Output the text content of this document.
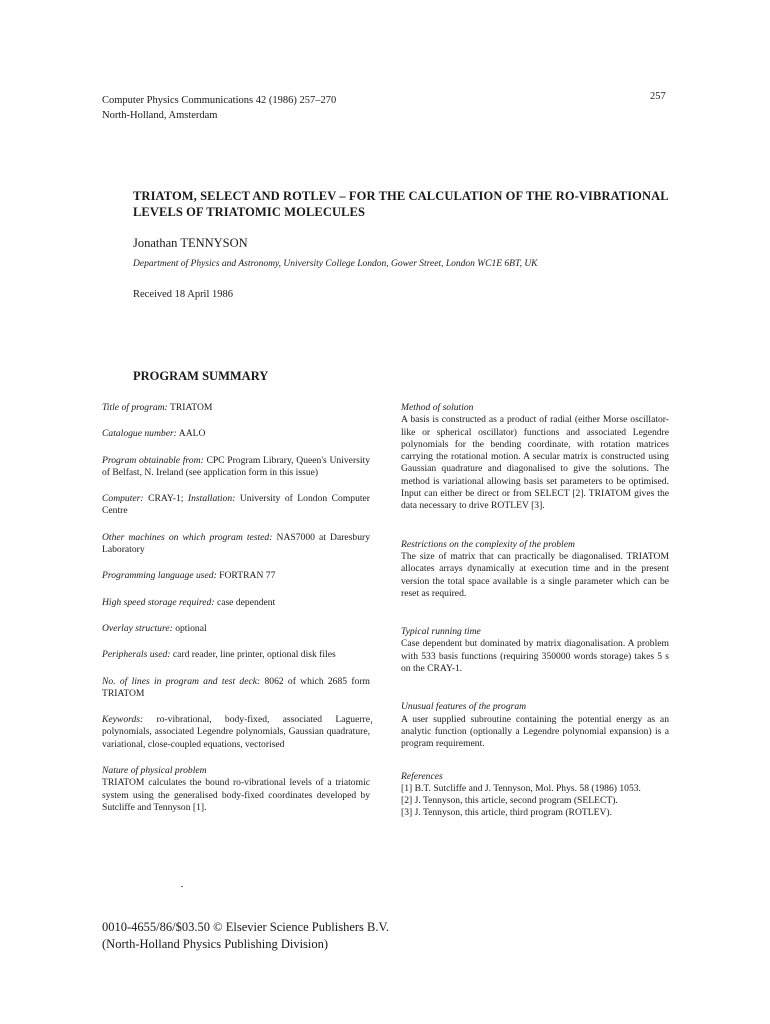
Computer Physics Communications 42 (1986) 257–270
North-Holland, Amsterdam
257
TRIATOM, SELECT AND ROTLEV – FOR THE CALCULATION OF THE RO-VIBRATIONAL LEVELS OF TRIATOMIC MOLECULES
Jonathan TENNYSON
Department of Physics and Astronomy, University College London, Gower Street, London WC1E 6BT, UK
Received 18 April 1986
PROGRAM SUMMARY
Title of program: TRIATOM
Catalogue number: AALO
Program obtainable from: CPC Program Library, Queen's University of Belfast, N. Ireland (see application form in this issue)
Computer: CRAY-1; Installation: University of London Computer Centre
Other machines on which program tested: NAS7000 at Daresbury Laboratory
Programming language used: FORTRAN 77
High speed storage required: case dependent
Overlay structure: optional
Peripherals used: card reader, line printer, optional disk files
No. of lines in program and test deck: 8062 of which 2685 form TRIATOM
Keywords: ro-vibrational, body-fixed, associated Laguerre polynomials, associated Legendre polynomials, Gaussian quadrature, variational, close-coupled equations, vectorised
Nature of physical problem
TRIATOM calculates the bound ro-vibrational levels of a triatomic system using the generalised body-fixed coordinates developed by Sutcliffe and Tennyson [1].
Method of solution
A basis is constructed as a product of radial (either Morse oscillator-like or spherical oscillator) functions and associated Legendre polynomials for the bending coordinate, with rotation matrices carrying the rotational motion. A secular matrix is constructed using Gaussian quadrature and diagonalised to give the solutions. The method is variational allowing basis set parameters to be optimised. Input can either be direct or from SELECT [2]. TRIATOM gives the data necessary to drive ROTLEV [3].
Restrictions on the complexity of the problem
The size of matrix that can practically be diagonalised. TRIATOM allocates arrays dynamically at execution time and in the present version the total space available is a single parameter which can be reset as required.
Typical running time
Case dependent but dominated by matrix diagonalisation. A problem with 533 basis functions (requiring 350000 words storage) takes 5 s on the CRAY-1.
Unusual features of the program
A user supplied subroutine containing the potential energy as an analytic function (optionally a Legendre polynomial expansion) is a program requirement.
References
[1] B.T. Sutcliffe and J. Tennyson, Mol. Phys. 58 (1986) 1053.
[2] J. Tennyson, this article, second program (SELECT).
[3] J. Tennyson, this article, third program (ROTLEV).
0010-4655/86/$03.50 © Elsevier Science Publishers B.V.
(North-Holland Physics Publishing Division)
